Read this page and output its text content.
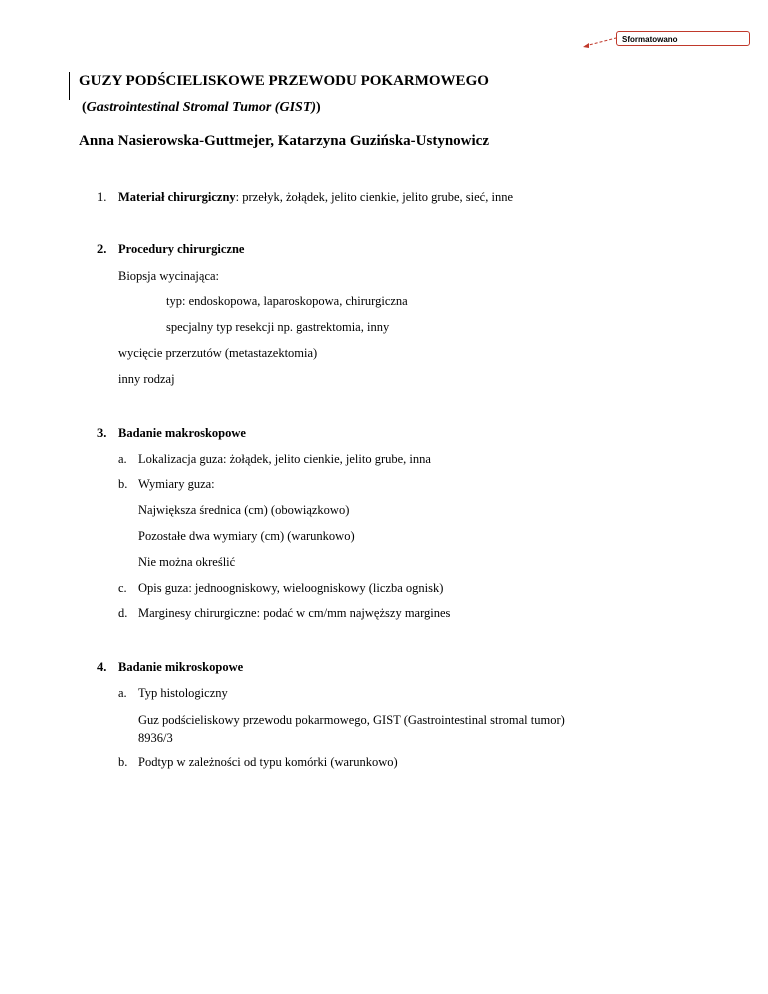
Sformatowano
GUZY PODŚCIELISKOWE PRZEWODU POKARMOWEGO
(Gastrointestinal Stromal Tumor (GIST))
Anna Nasierowska-Guttmejer, Katarzyna Guzińska-Ustynowicz
1. Materiał chirurgiczny: przełyk, żołądek, jelito cienkie, jelito grube, sieć, inne
2. Procedury chirurgiczne
Biopsja wycinająca:
typ: endoskopowa, laparoskopowa, chirurgiczna
specjalny typ resekcji np. gastrektomia, inny
wycięcie przerzutów (metastazektomia)
inny rodzaj
3. Badanie makroskopowe
a. Lokalizacja guza: żołądek, jelito cienkie, jelito grube, inna
b. Wymiary guza:
Największa średnica (cm) (obowiązkowo)
Pozostałe dwa wymiary (cm) (warunkowo)
Nie można określić
c. Opis guza: jednoogniskowy, wieloogniskowy (liczba ognisk)
d. Marginesy chirurgiczne: podać w cm/mm najwęższy margines
4. Badanie mikroskopowe
a. Typ histologiczny
Guz podścieliskowy przewodu pokarmowego, GIST (Gastrointestinal stromal tumor) 8936/3
b. Podtyp w zależności od typu komórki (warunkowo)
